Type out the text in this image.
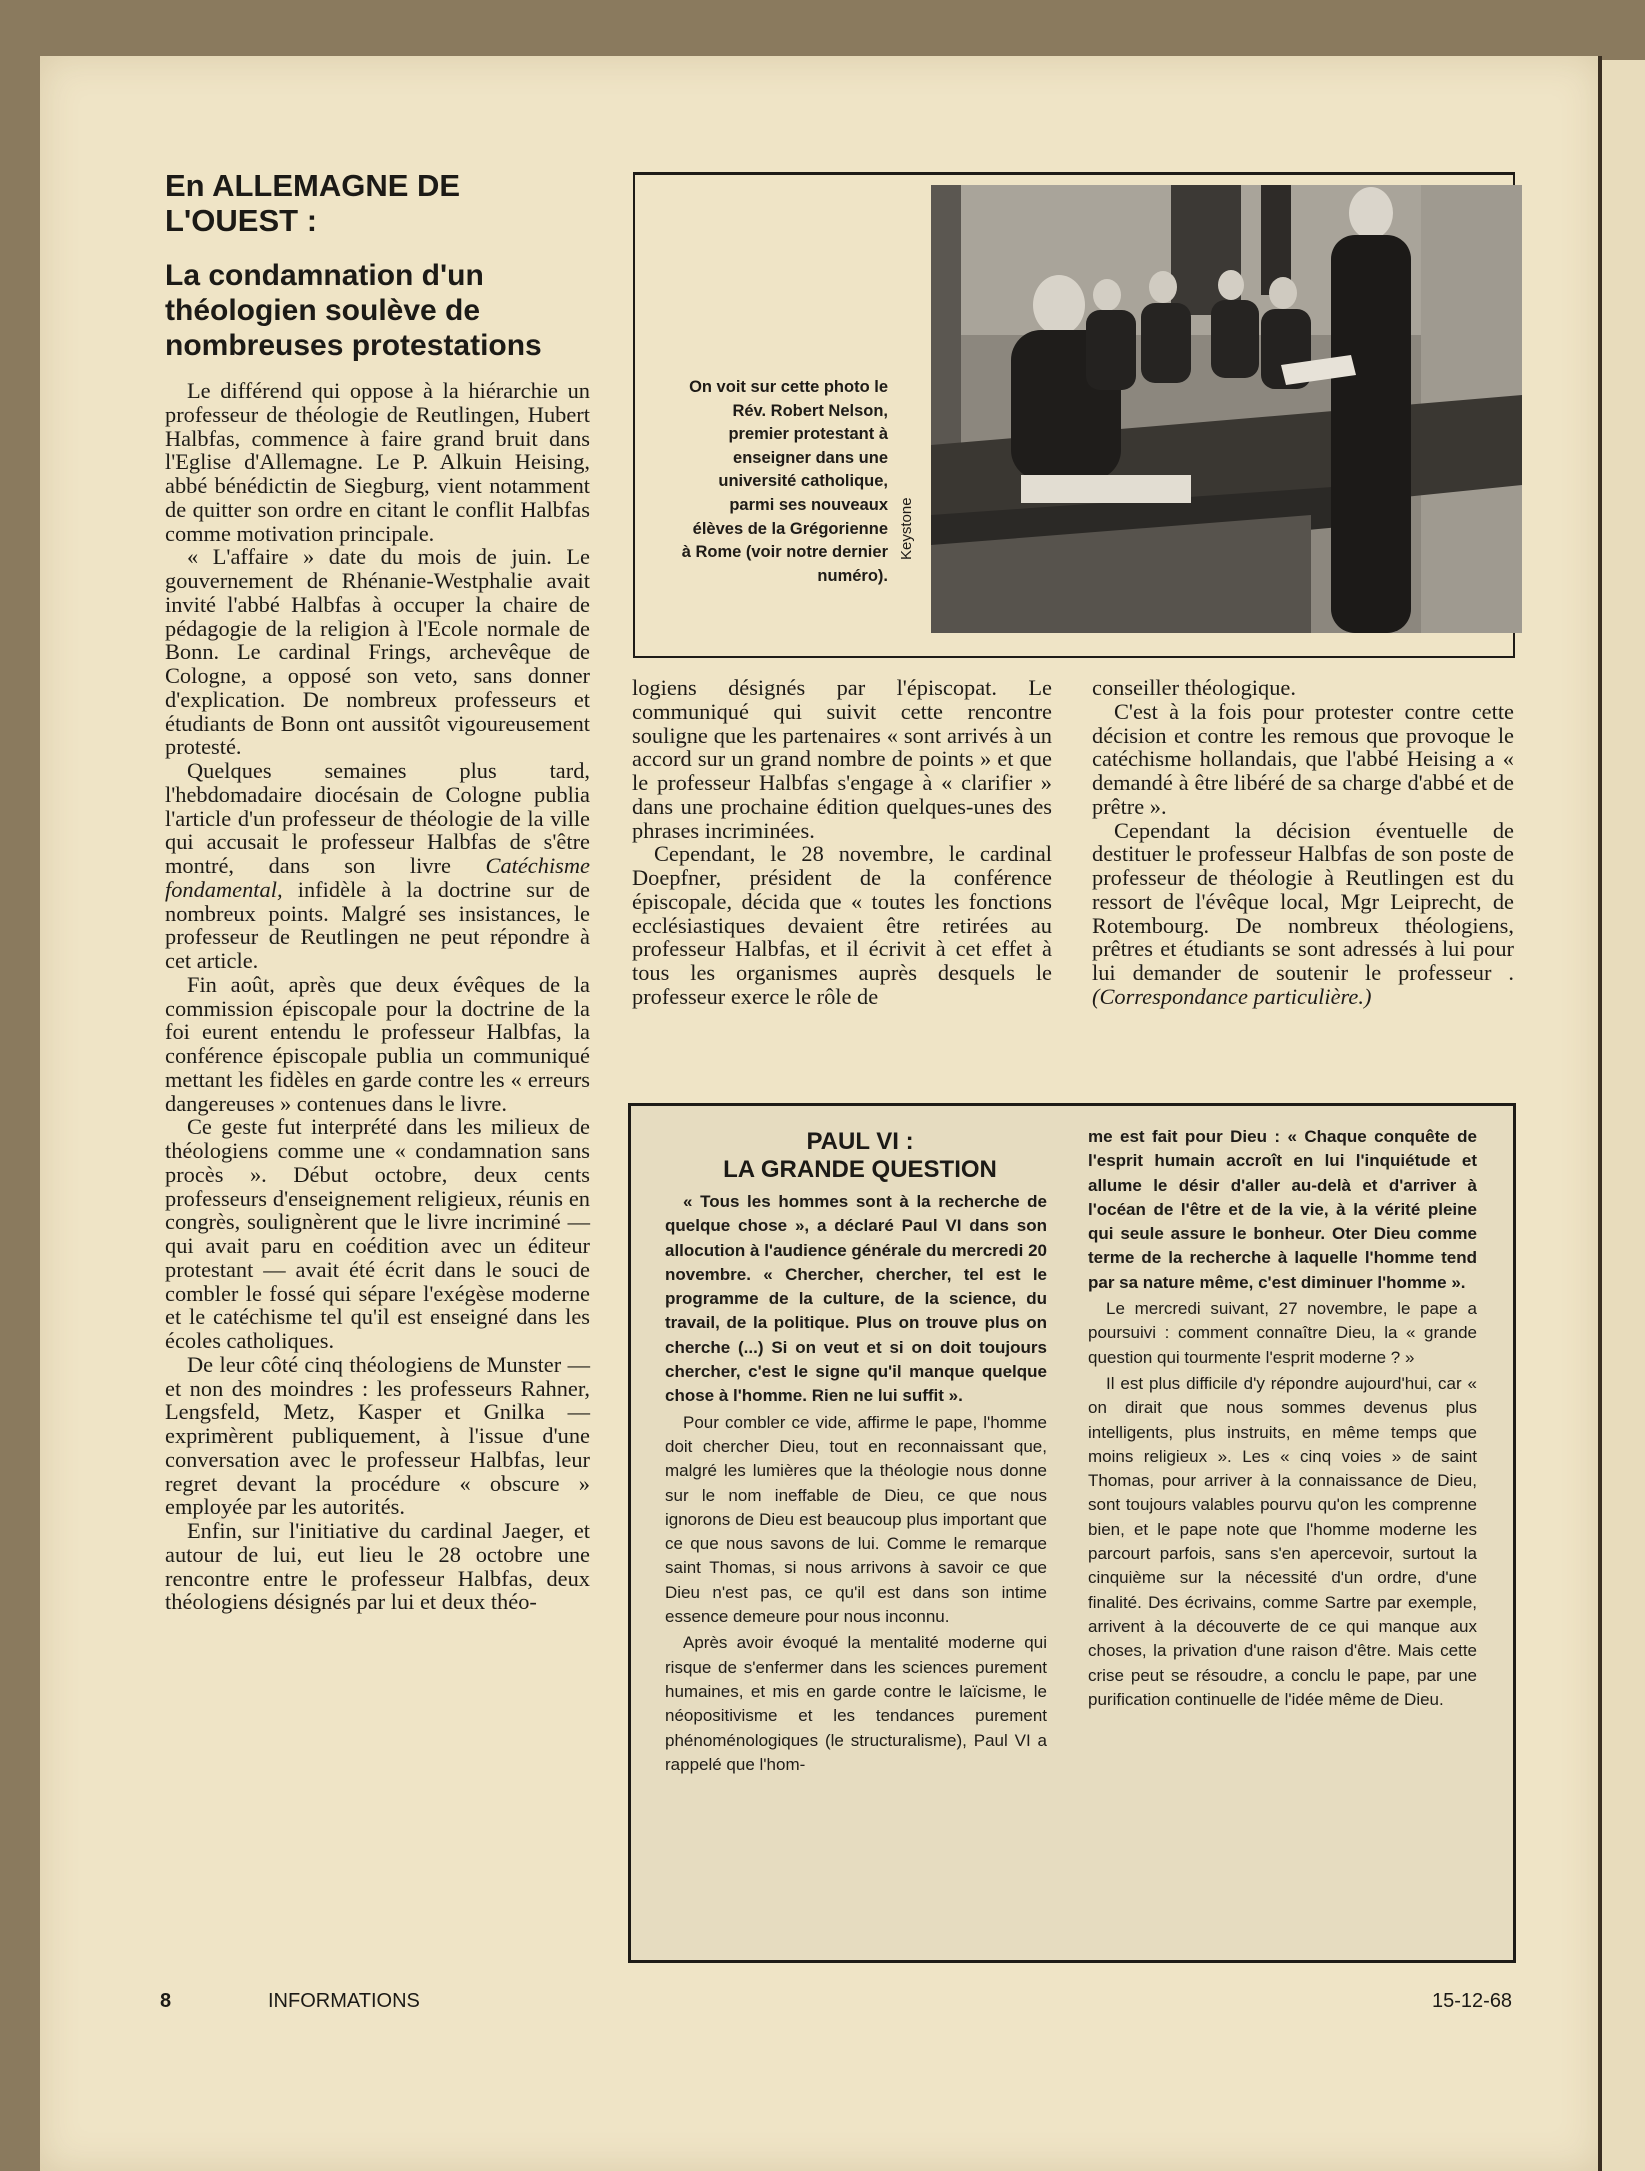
En ALLEMAGNE DE L'OUEST :
La condamnation d'un théologien soulève de nombreuses protestations

Le différend qui oppose à la hiérarchie un professeur de théologie de Reutlingen, Hubert Halbfas, commence à faire grand bruit dans l'Eglise d'Allemagne. Le P. Alkuin Heising, abbé bénédictin de Siegburg, vient notamment de quitter son ordre en citant le conflit Halbfas comme motivation principale.

« L'affaire » date du mois de juin. Le gouvernement de Rhénanie-Westphalie avait invité l'abbé Halbfas à occuper la chaire de pédagogie de la religion à l'Ecole normale de Bonn. Le cardinal Frings, archevêque de Cologne, a opposé son veto, sans donner d'explication. De nombreux professeurs et étudiants de Bonn ont aussitôt vigoureusement protesté.

Quelques semaines plus tard, l'hebdomadaire diocésain de Cologne publia l'article d'un professeur de théologie de la ville qui accusait le professeur Halbfas de s'être montré, dans son livre Catéchisme fondamental, infidèle à la doctrine sur de nombreux points. Malgré ses insistances, le professeur de Reutlingen ne peut répondre à cet article.

Fin août, après que deux évêques de la commission épiscopale pour la doctrine de la foi eurent entendu le professeur Halbfas, la conférence épiscopale publia un communiqué mettant les fidèles en garde contre les « erreurs dangereuses » contenues dans le livre.

Ce geste fut interprété dans les milieux de théologiens comme une « condamnation sans procès ». Début octobre, deux cents professeurs d'enseignement religieux, réunis en congrès, soulignèrent que le livre incriminé — qui avait paru en coédition avec un éditeur protestant — avait été écrit dans le souci de combler le fossé qui sépare l'exégèse moderne et le catéchisme tel qu'il est enseigné dans les écoles catholiques.

De leur côté cinq théologiens de Munster — et non des moindres : les professeurs Rahner, Lengsfeld, Metz, Kasper et Gnilka — exprimèrent publiquement, à l'issue d'une conversation avec le professeur Halbfas, leur regret devant la procédure « obscure » employée par les autorités.

Enfin, sur l'initiative du cardinal Jaeger, et autour de lui, eut lieu le 28 octobre une rencontre entre le professeur Halbfas, deux théologiens désignés par lui et deux théo-

On voit sur cette photo le Rév. Robert Nelson, premier protestant à enseigner dans une université catholique, parmi ses nouveaux élèves de la Grégorienne à Rome (voir notre dernier numéro).
Keystone

logiens désignés par l'épiscopat. Le communiqué qui suivit cette rencontre souligne que les partenaires « sont arrivés à un accord sur un grand nombre de points » et que le professeur Halbfas s'engage à « clarifier » dans une prochaine édition quelques-unes des phrases incriminées.

Cependant, le 28 novembre, le cardinal Doepfner, président de la conférence épiscopale, décida que « toutes les fonctions ecclésiastiques devaient être retirées au professeur Halbfas, et il écrivit à cet effet à tous les organismes auprès desquels le professeur exerce le rôle de

conseiller théologique.

C'est à la fois pour protester contre cette décision et contre les remous que provoque le catéchisme hollandais, que l'abbé Heising a « demandé à être libéré de sa charge d'abbé et de prêtre ».

Cependant la décision éventuelle de destituer le professeur Halbfas de son poste de professeur de théologie à Reutlingen est du ressort de l'évêque local, Mgr Leiprecht, de Rotembourg. De nombreux théologiens, prêtres et étudiants se sont adressés à lui pour lui demander de soutenir le professeur . (Correspondance particulière.)

PAUL VI :
LA GRANDE QUESTION

« Tous les hommes sont à la recherche de quelque chose », a déclaré Paul VI dans son allocution à l'audience générale du mercredi 20 novembre. « Chercher, chercher, tel est le programme de la culture, de la science, du travail, de la politique. Plus on trouve plus on cherche (...) Si on veut et si on doit toujours chercher, c'est le signe qu'il manque quelque chose à l'homme. Rien ne lui suffit ».

Pour combler ce vide, affirme le pape, l'homme doit chercher Dieu, tout en reconnaissant que, malgré les lumières que la théologie nous donne sur le nom ineffable de Dieu, ce que nous ignorons de Dieu est beaucoup plus important que ce que nous savons de lui. Comme le remarque saint Thomas, si nous arrivons à savoir ce que Dieu n'est pas, ce qu'il est dans son intime essence demeure pour nous inconnu.

Après avoir évoqué la mentalité moderne qui risque de s'enfermer dans les sciences purement humaines, et mis en garde contre le laïcisme, le néopositivisme et les tendances purement phénoménologiques (le structuralisme), Paul VI a rappelé que l'hom-

me est fait pour Dieu : « Chaque conquête de l'esprit humain accroît en lui l'inquiétude et allume le désir d'aller au-delà et d'arriver à l'océan de l'être et de la vie, à la vérité pleine qui seule assure le bonheur. Oter Dieu comme terme de la recherche à laquelle l'homme tend par sa nature même, c'est diminuer l'homme ».

Le mercredi suivant, 27 novembre, le pape a poursuivi : comment connaître Dieu, la « grande question qui tourmente l'esprit moderne ? »

Il est plus difficile d'y répondre aujourd'hui, car « on dirait que nous sommes devenus plus intelligents, plus instruits, en même temps que moins religieux ». Les « cinq voies » de saint Thomas, pour arriver à la connaissance de Dieu, sont toujours valables pourvu qu'on les comprenne bien, et le pape note que l'homme moderne les parcourt parfois, sans s'en apercevoir, surtout la cinquième sur la nécessité d'un ordre, d'une finalité. Des écrivains, comme Sartre par exemple, arrivent à la découverte de ce qui manque aux choses, la privation d'une raison d'être. Mais cette crise peut se résoudre, a conclu le pape, par une purification continuelle de l'idée même de Dieu.

8	INFORMATIONS	15-12-68
